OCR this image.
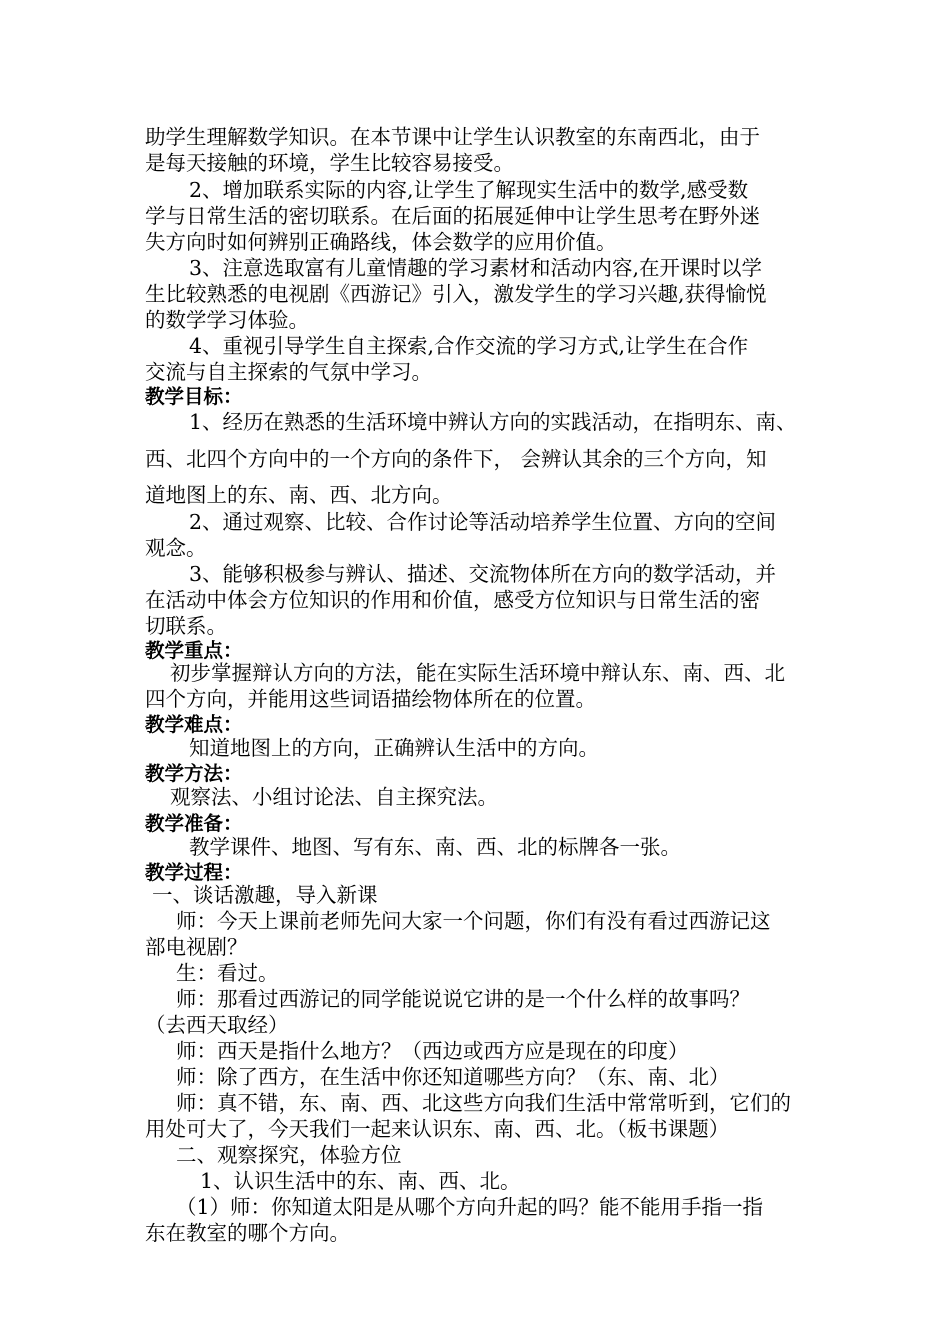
助学生理解数学知识。在本节课中让学生认识教室的东南西北，由于
是每天接触的环境，学生比较容易接受。
2、增加联系实际的内容,让学生了解现实生活中的数学,感受数
学与日常生活的密切联系。在后面的拓展延伸中让学生思考在野外迷
失方向时如何辨别正确路线，体会数学的应用价值。
3、注意选取富有儿童情趣的学习素材和活动内容,在开课时以学
生比较熟悉的电视剧《西游记》引入，激发学生的学习兴趣,获得愉悦
的数学学习体验。
4、重视引导学生自主探索,合作交流的学习方式,让学生在合作
交流与自主探索的气氛中学习。
教学目标：
1、经历在熟悉的生活环境中辨认方向的实践活动，在指明东、南、
西、北四个方向中的一个方向的条件下， 会辨认其余的三个方向，知
道地图上的东、南、西、北方向。
2、通过观察、比较、合作讨论等活动培养学生位置、方向的空间
观念。
3、能够积极参与辨认、描述、交流物体所在方向的数学活动，并
在活动中体会方位知识的作用和价值，感受方位知识与日常生活的密
切联系。
教学重点：
初步掌握辩认方向的方法，能在实际生活环境中辩认东、南、西、北
四个方向，并能用这些词语描绘物体所在的位置。
教学难点：
知道地图上的方向，正确辨认生活中的方向。
教学方法：
观察法、小组讨论法、自主探究法。
教学准备：
教学课件、地图、写有东、南、西、北的标牌各一张。
教学过程：
一、谈话激趣，导入新课
师：今天上课前老师先问大家一个问题，你们有没有看过西游记这
部电视剧？
生：看过。
师：那看过西游记的同学能说说它讲的是一个什么样的故事吗？
（去西天取经）
师：西天是指什么地方？（西边或西方应是现在的印度）
师：除了西方，在生活中你还知道哪些方向？（东、南、北）
师：真不错，东、南、西、北这些方向我们生活中常常听到，它们的
用处可大了，今天我们一起来认识东、南、西、北。（板书课题）
二、观察探究，体验方位
1、认识生活中的东、南、西、北。
（1）师：你知道太阳是从哪个方向升起的吗？能不能用手指一指
东在教室的哪个方向。
